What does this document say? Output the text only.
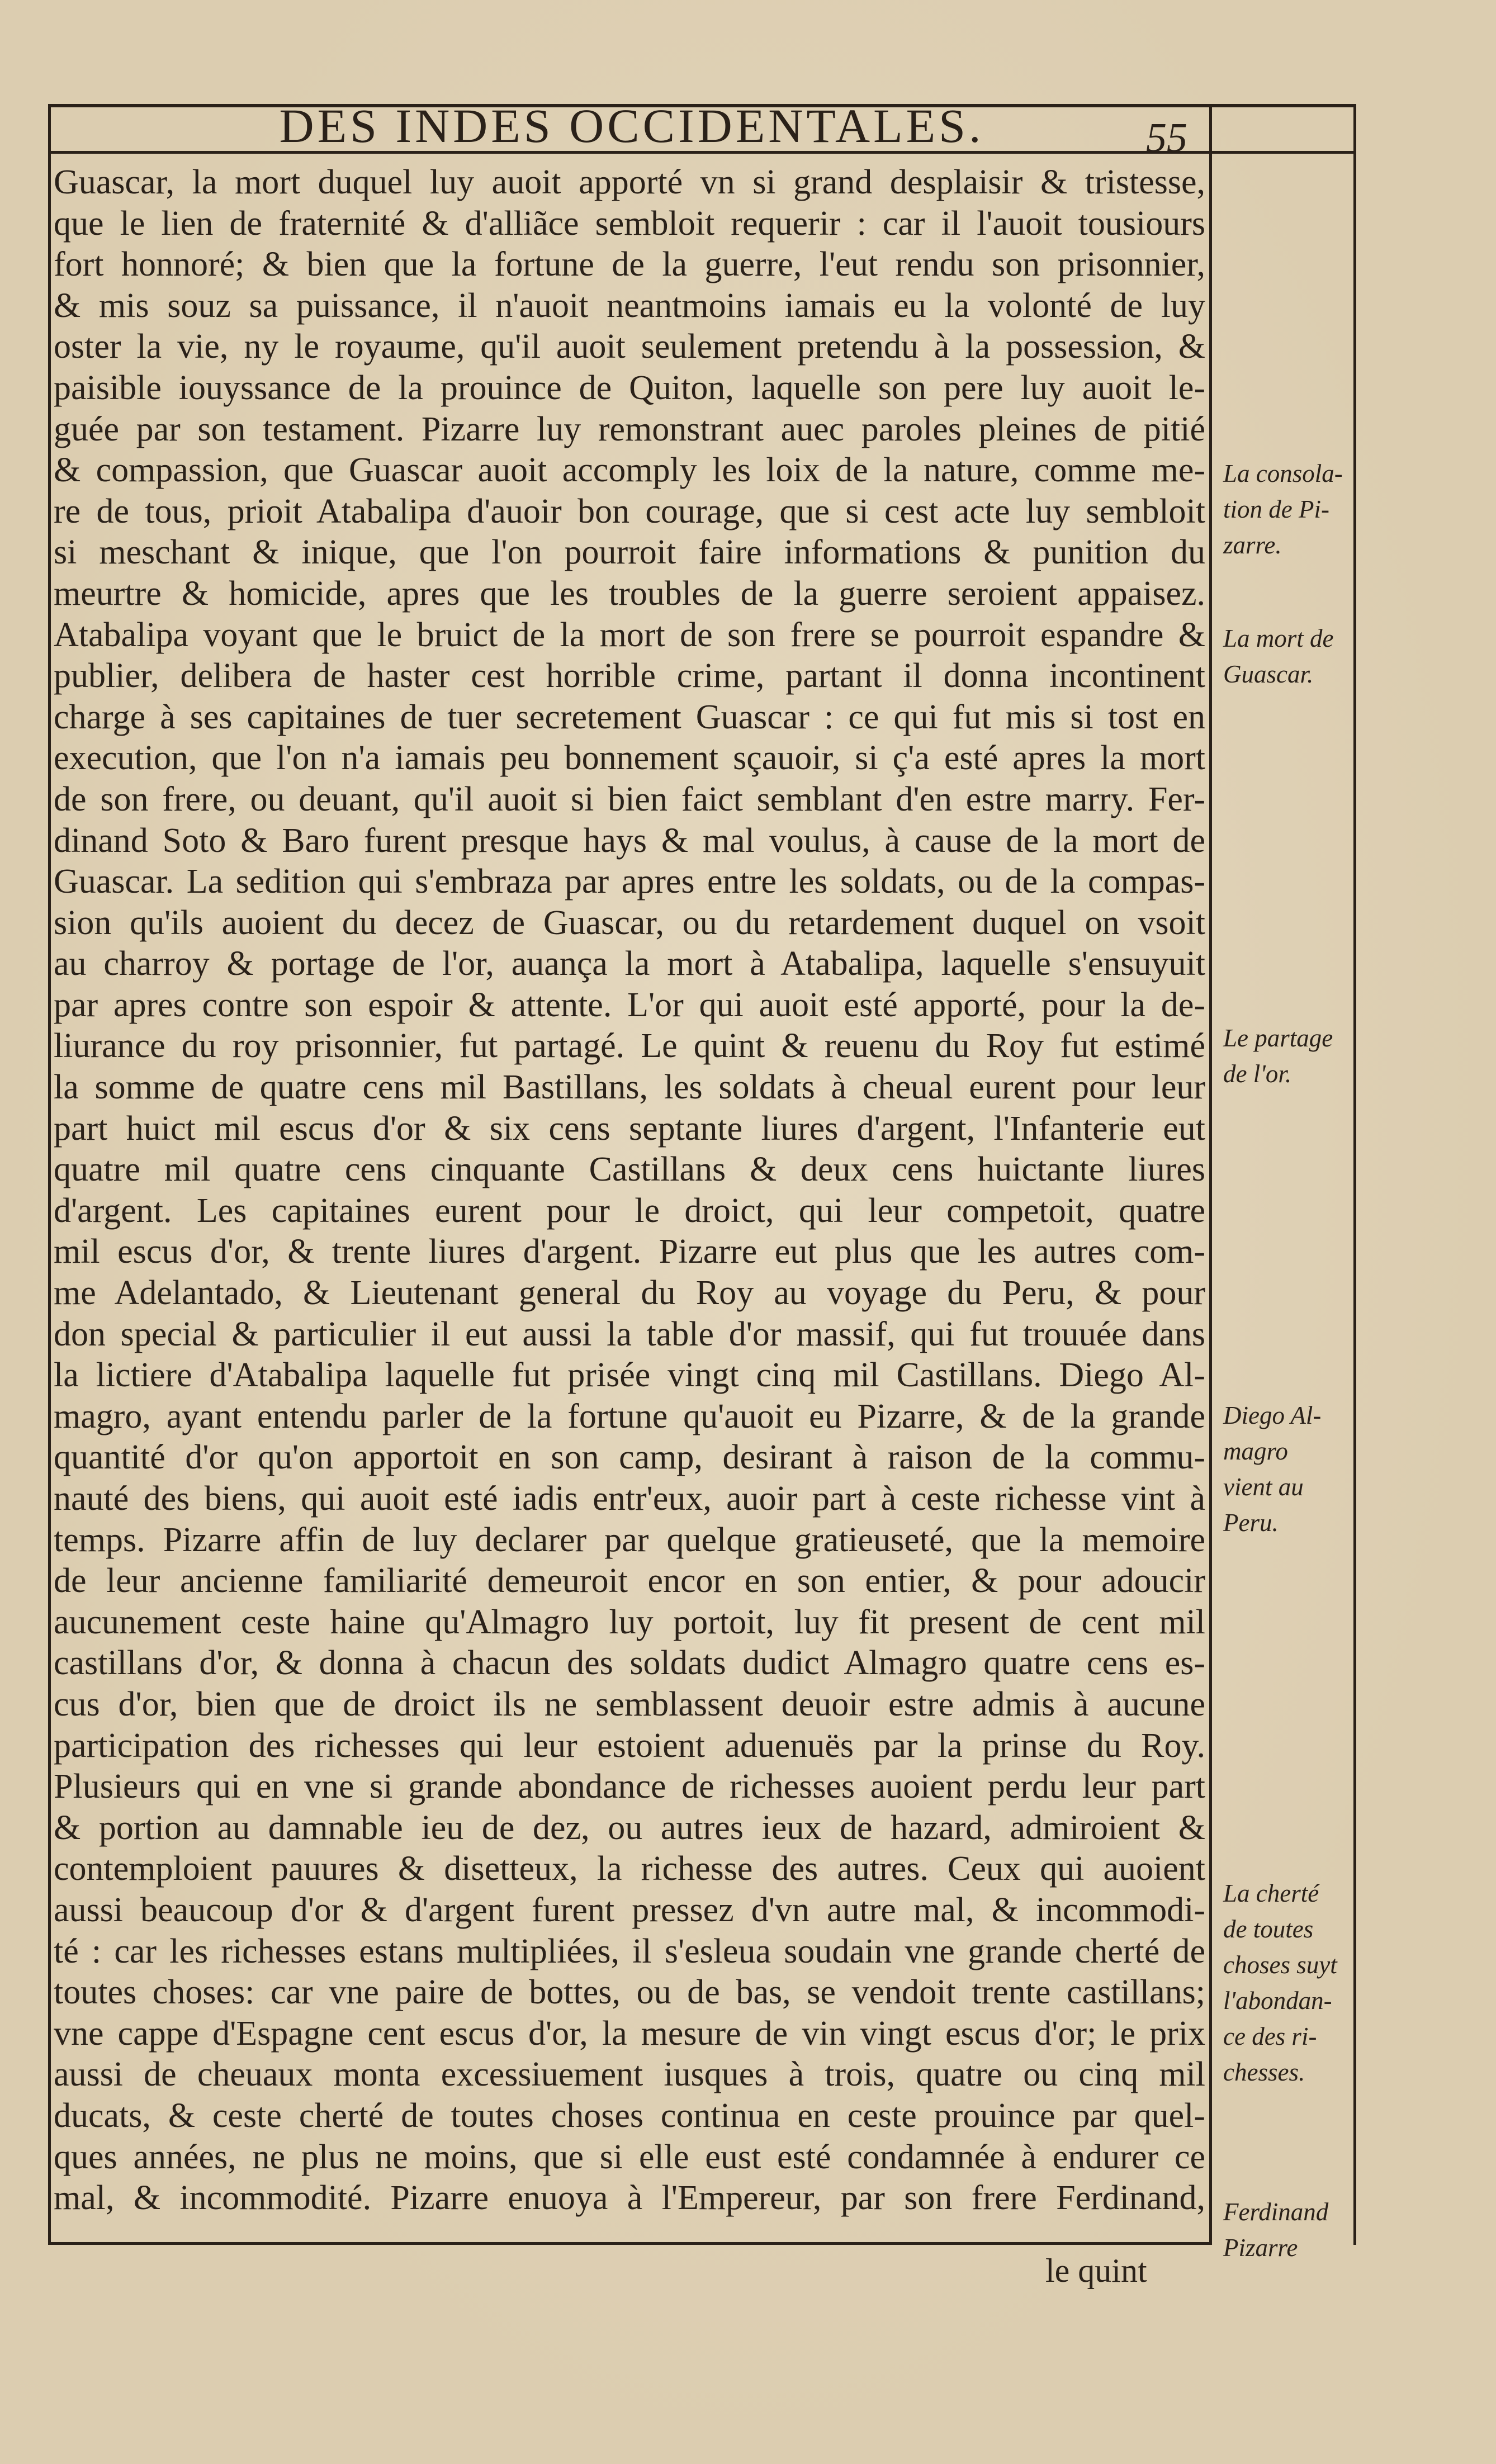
DES INDES OCCIDENTALES.	55
Guascar, la mort duquel luy auoit apporté vn si grand desplaisir & tristesse,
que le lien de fraternité & d'alliãce sembloit requerir : car il l'auoit tousiours
fort honnoré; & bien que la fortune de la guerre, l'eut rendu son prisonnier,
& mis souz sa puissance, il n'auoit neantmoins iamais eu la volonté de luy
oster la vie, ny le royaume, qu'il auoit seulement pretendu à la possession, &
paisible iouyssance de la prouince de Quiton, laquelle son pere luy auoit le-
guée par son testament. Pizarre luy remonstrant auec paroles pleines de pitié
& compassion, que Guascar auoit accomply les loix de la nature, comme me-
re de tous, prioit Atabalipa d'auoir bon courage, que si cest acte luy sembloit
si meschant & inique, que l'on pourroit faire informations & punition du
meurtre & homicide, apres que les troubles de la guerre seroient appaisez.
Atabalipa voyant que le bruict de la mort de son frere se pourroit espandre &
publier, delibera de haster cest horrible crime, partant il donna incontinent
charge à ses capitaines de tuer secretement Guascar : ce qui fut mis si tost en
execution, que l'on n'a iamais peu bonnement sçauoir, si ç'a esté apres la mort
de son frere, ou deuant, qu'il auoit si bien faict semblant d'en estre marry. Fer-
dinand Soto & Baro furent presque hays & mal voulus, à cause de la mort de
Guascar. La sedition qui s'embraza par apres entre les soldats, ou de la compas-
sion qu'ils auoient du decez de Guascar, ou du retardement duquel on vsoit
au charroy & portage de l'or, auança la mort à Atabalipa, laquelle s'ensuyuit
par apres contre son espoir & attente. L'or qui auoit esté apporté, pour la de-
liurance du roy prisonnier, fut partagé. Le quint & reuenu du Roy fut estimé
la somme de quatre cens mil Bastillans, les soldats à cheual eurent pour leur
part huict mil escus d'or & six cens septante liures d'argent, l'Infanterie eut
quatre mil quatre cens cinquante Castillans & deux cens huictante liures
d'argent. Les capitaines eurent pour le droict, qui leur competoit, quatre
mil escus d'or, & trente liures d'argent. Pizarre eut plus que les autres com-
me Adelantado, & Lieutenant general du Roy au voyage du Peru, & pour
don special & particulier il eut aussi la table d'or massif, qui fut trouuée dans
la lictiere d'Atabalipa laquelle fut prisée vingt cinq mil Castillans. Diego Al-
magro, ayant entendu parler de la fortune qu'auoit eu Pizarre, & de la grande
quantité d'or qu'on apportoit en son camp, desirant à raison de la commu-
nauté des biens, qui auoit esté iadis entr'eux, auoir part à ceste richesse vint à
temps. Pizarre affin de luy declarer par quelque gratieuseté, que la memoire
de leur ancienne familiarité demeuroit encor en son entier, & pour adoucir
aucunement ceste haine qu'Almagro luy portoit, luy fit present de cent mil
castillans d'or, & donna à chacun des soldats dudict Almagro quatre cens es-
cus d'or, bien que de droict ils ne semblassent deuoir estre admis à aucune
participation des richesses qui leur estoient aduenuës par la prinse du Roy.
Plusieurs qui en vne si grande abondance de richesses auoient perdu leur part
& portion au damnable ieu de dez, ou autres ieux de hazard, admiroient &
contemploient pauures & disetteux, la richesse des autres. Ceux qui auoient
aussi beaucoup d'or & d'argent furent pressez d'vn autre mal, & incommodi-
té : car les richesses estans multipliées, il s'esleua soudain vne grande cherté de
toutes choses: car vne paire de bottes, ou de bas, se vendoit trente castillans;
vne cappe d'Espagne cent escus d'or, la mesure de vin vingt escus d'or; le prix
aussi de cheuaux monta excessiuement iusques à trois, quatre ou cinq mil
ducats, & ceste cherté de toutes choses continua en ceste prouince par quel-
ques années, ne plus ne moins, que si elle eust esté condamnée à endurer ce
mal, & incommodité. Pizarre enuoya à l'Empereur, par son frere Ferdinand,
La consola-
tion de Pi-
zarre.
La mort de
Guascar.
Le partage
de l'or.
Diego Al-
magro
vient au
Peru.
La cherté
de toutes
choses suyt
l'abondan-
ce des ri-
chesses.
Ferdinand
Pizarre
le quint
